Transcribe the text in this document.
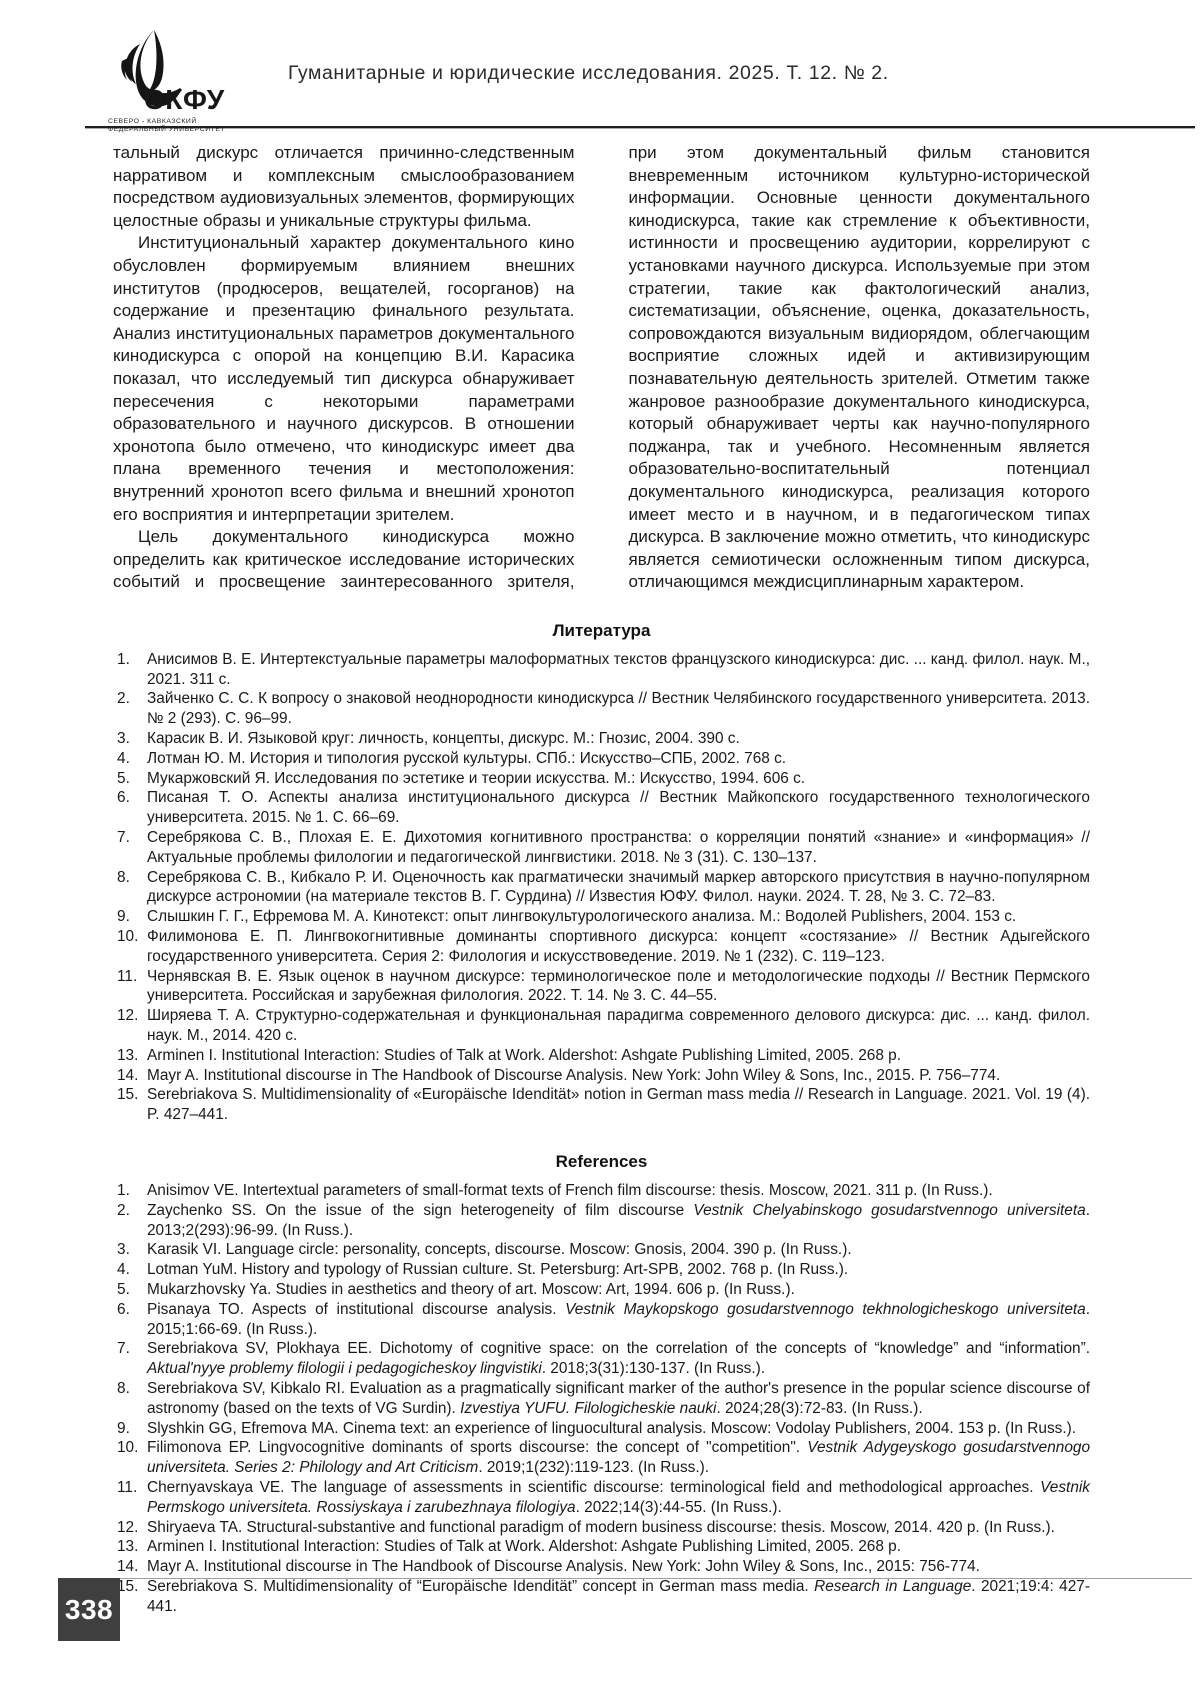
СКФУ
СЕВЕРО - КАВКАЗСКИЙ
ФЕДЕРАЛЬНЫЙ УНИВЕРСИТЕТ
Гуманитарные и юридические исследования. 2025. Т. 12. № 2.

тальный дискурс отличается причинно-следственным нарративом и комплексным смыслообразованием посредством аудиовизуальных элементов, формирующих целостные образы и уникальные структуры фильма.

Институциональный характер документального кино обусловлен формируемым влиянием внешних институтов (продюсеров, вещателей, госорганов) на содержание и презентацию финального результата. Анализ институциональных параметров документального кинодискурса с опорой на концепцию В.И. Карасика показал, что исследуемый тип дискурса обнаруживает пересечения с некоторыми параметрами образовательного и научного дискурсов. В отношении хронотопа было отмечено, что кинодискурс имеет два плана временного течения и местоположения: внутренний хронотоп всего фильма и внешний хронотоп его восприятия и интерпретации зрителем.

Цель документального кинодискурса можно определить как критическое исследование исторических событий и просвещение заинтересованного зрителя,

при этом документальный фильм становится вневременным источником культурно-исторической информации. Основные ценности документального кинодискурса, такие как стремление к объективности, истинности и просвещению аудитории, коррелируют с установками научного дискурса. Используемые при этом стратегии, такие как фактологический анализ, систематизации, объяснение, оценка, доказательность, сопровождаются визуальным видиорядом, облегчающим восприятие сложных идей и активизирующим познавательную деятельность зрителей. Отметим также жанровое разнообразие документального кинодискурса, который обнаруживает черты как научно-популярного поджанра, так и учебного. Несомненным является образовательно-воспитательный потенциал документального кинодискурса, реализация которого имеет место и в научном, и в педагогическом типах дискурса. В заключение можно отметить, что кинодискурс является семиотически осложненным типом дискурса, отличающимся междисциплинарным характером.

Литература
Анисимов В. Е. Интертекстуальные параметры малоформатных текстов французского кинодискурса: дис. ... канд. филол. наук. М., 2021. 311 с.
Зайченко С. С. К вопросу о знаковой неоднородности кинодискурса // Вестник Челябинского государственного университета. 2013. № 2 (293). С. 96–99.
Карасик В. И. Языковой круг: личность, концепты, дискурс. М.: Гнозис, 2004. 390 с.
Лотман Ю. М. История и типология русской культуры. СПб.: Искусство–СПБ, 2002. 768 с.
Мукаржовский Я. Исследования по эстетике и теории искусства. М.: Искусство, 1994. 606 с.
Писаная Т. О. Аспекты анализа институционального дискурса // Вестник Майкопского государственного технологического университета. 2015. № 1. С. 66–69.
Серебрякова С. В., Плохая Е. Е. Дихотомия когнитивного пространства: о корреляции понятий «знание» и «информация» // Актуальные проблемы филологии и педагогической лингвистики. 2018. № 3 (31). С. 130–137.
Серебрякова С. В., Кибкало Р. И. Оценочность как прагматически значимый маркер авторского присутствия в научно-популярном дискурсе астрономии (на материале текстов В. Г. Сурдина) // Известия ЮФУ. Филол. науки. 2024. Т. 28, № 3. С. 72–83.
Слышкин Г. Г., Ефремова М. А. Кинотекст: опыт лингвокультурологического анализа. М.: Водолей Publishers, 2004. 153 с.
Филимонова Е. П. Лингвокогнитивные доминанты спортивного дискурса: концепт «состязание» // Вестник Адыгейского государственного университета. Серия 2: Филология и искусствоведение. 2019. № 1 (232). С. 119–123.
Чернявская В. Е. Язык оценок в научном дискурсе: терминологическое поле и методологические подходы // Вестник Пермского университета. Российская и зарубежная филология. 2022. Т. 14. № 3. С. 44–55.
Ширяева Т. А. Структурно-содержательная и функциональная парадигма современного делового дискурса: дис. ... канд. филол. наук. М., 2014. 420 с.
Arminen I. Institutional Interaction: Studies of Talk at Work. Aldershot: Ashgate Publishing Limited, 2005. 268 p.
Mayr A. Institutional discourse in The Handbook of Discourse Analysis. New York: John Wiley & Sons, Inc., 2015. P. 756–774.
Serebriakova S. Multidimensionality of «Europäische Idendität» notion in German mass media // Research in Language. 2021. Vol. 19 (4). P. 427–441.
References
Anisimov VE. Intertextual parameters of small-format texts of French film discourse: thesis. Moscow, 2021. 311 p. (In Russ.).
Zaychenko SS. On the issue of the sign heterogeneity of film discourse Vestnik Chelyabinskogo gosudarstvennogo universiteta. 2013;2(293):96-99. (In Russ.).
Karasik VI. Language circle: personality, concepts, discourse. Moscow: Gnosis, 2004. 390 p. (In Russ.).
Lotman YuM. History and typology of Russian culture. St. Petersburg: Art-SPB, 2002. 768 p. (In Russ.).
Mukarzhovsky Ya. Studies in aesthetics and theory of art. Moscow: Art, 1994. 606 p. (In Russ.).
Pisanaya TO. Aspects of institutional discourse analysis. Vestnik Maykopskogo gosudarstvennogo tekhnologicheskogo universiteta. 2015;1:66-69. (In Russ.).
Serebriakova SV, Plokhaya EE. Dichotomy of cognitive space: on the correlation of the concepts of “knowledge” and “information”. Aktual'nyye problemy filologii i pedagogicheskoy lingvistiki. 2018;3(31):130-137. (In Russ.).
Serebriakova SV, Kibkalo RI. Evaluation as a pragmatically significant marker of the author's presence in the popular science discourse of astronomy (based on the texts of VG Surdin). Izvestiya YUFU. Filologicheskie nauki. 2024;28(3):72-83. (In Russ.).
Slyshkin GG, Efremova MA. Cinema text: an experience of linguocultural analysis. Moscow: Vodolay Publishers, 2004. 153 p. (In Russ.).
Filimonova EP. Lingvocognitive dominants of sports discourse: the concept of "competition". Vestnik Adygeyskogo gosudarstvennogo universiteta. Series 2: Philology and Art Criticism. 2019;1(232):119-123. (In Russ.).
Chernyavskaya VE. The language of assessments in scientific discourse: terminological field and methodological approaches. Vestnik Permskogo universiteta. Rossiyskaya i zarubezhnaya filologiya. 2022;14(3):44-55. (In Russ.).
Shiryaeva TA. Structural-substantive and functional paradigm of modern business discourse: thesis. Moscow, 2014. 420 p. (In Russ.).
Arminen I. Institutional Interaction: Studies of Talk at Work. Aldershot: Ashgate Publishing Limited, 2005. 268 p.
Mayr A. Institutional discourse in The Handbook of Discourse Analysis. New York: John Wiley & Sons, Inc., 2015: 756-774.
Serebriakova S. Multidimensionality of “Europäische Idendität” concept in German mass media. Research in Language. 2021;19:4: 427-441.
338
